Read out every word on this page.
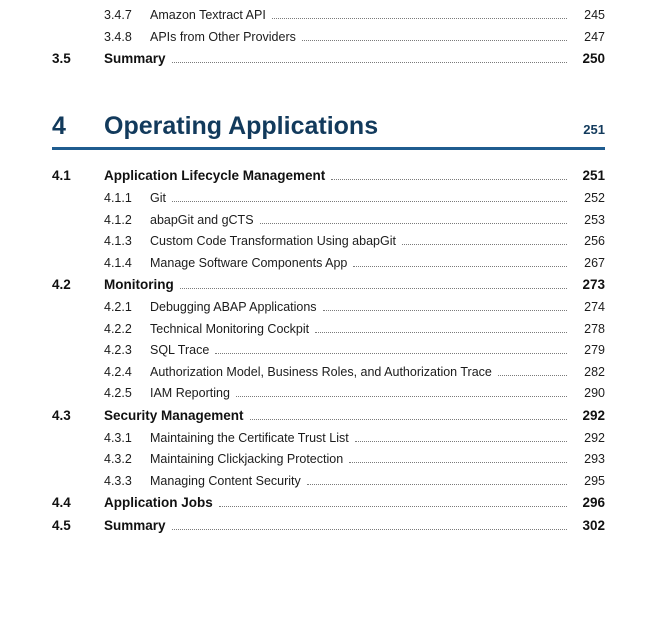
3.4.7	Amazon Textract API	245
3.4.8	APIs from Other Providers	247
3.5	Summary	250
4	Operating Applications	251
4.1	Application Lifecycle Management	251
4.1.1	Git	252
4.1.2	abapGit and gCTS	253
4.1.3	Custom Code Transformation Using abapGit	256
4.1.4	Manage Software Components App	267
4.2	Monitoring	273
4.2.1	Debugging ABAP Applications	274
4.2.2	Technical Monitoring Cockpit	278
4.2.3	SQL Trace	279
4.2.4	Authorization Model, Business Roles, and Authorization Trace	282
4.2.5	IAM Reporting	290
4.3	Security Management	292
4.3.1	Maintaining the Certificate Trust List	292
4.3.2	Maintaining Clickjacking Protection	293
4.3.3	Managing Content Security	295
4.4	Application Jobs	296
4.5	Summary	302
